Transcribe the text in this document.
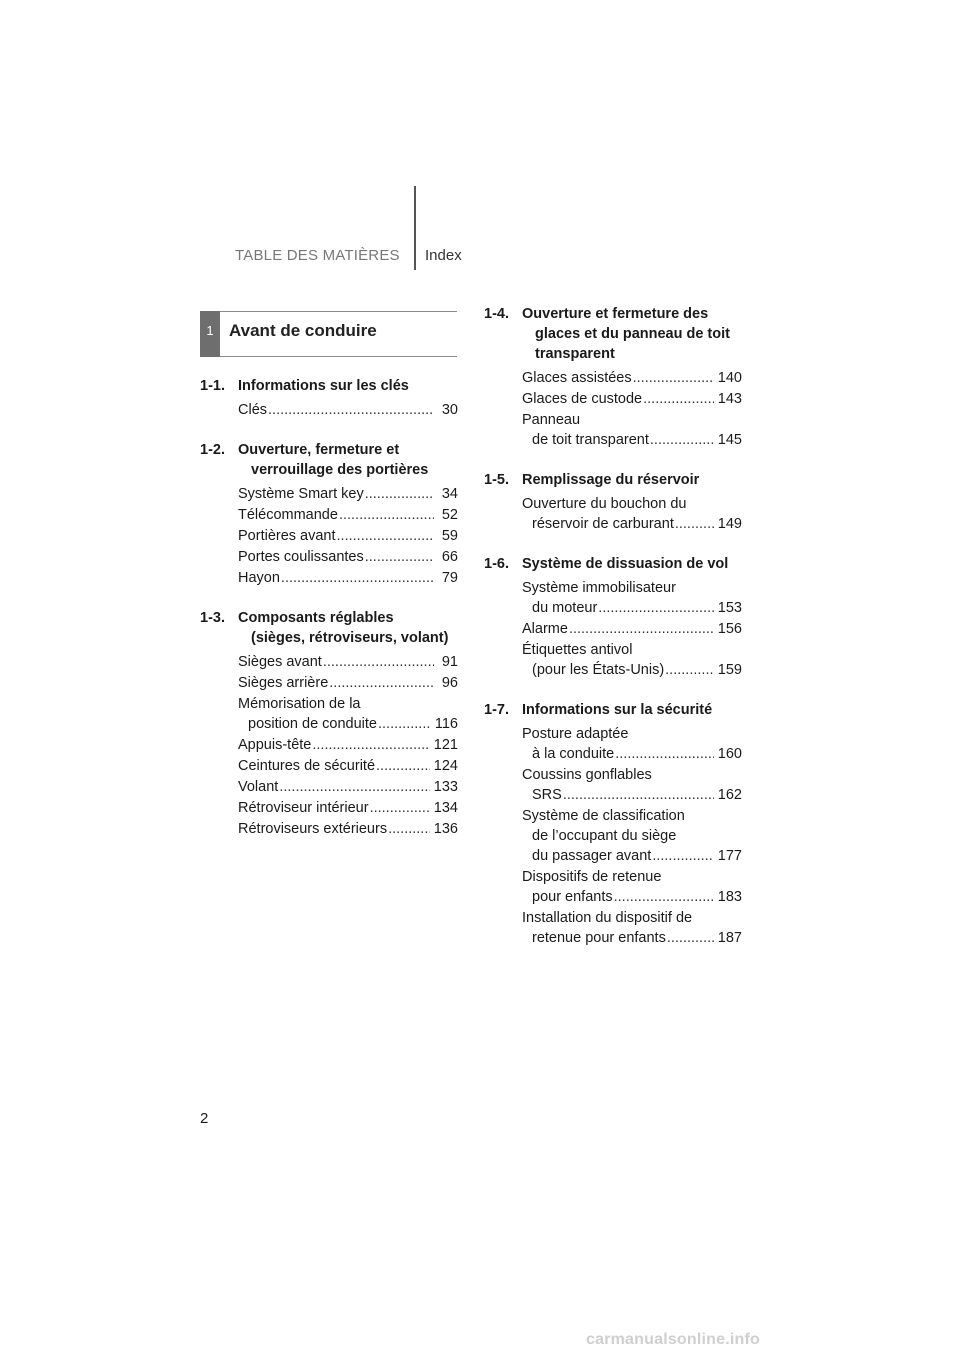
TABLE DES MATIÈRES Index
1 Avant de conduire
1-1. Informations sur les clés
Clés .....	30
1-2. Ouverture, fermeture et
verrouillage des portières
Système Smart key .....	34
Télécommande .....	52
Portières avant .....	59
Portes coulissantes .....	66
Hayon .....	79
1-3. Composants réglables
(sièges, rétroviseurs, volant)
Sièges avant .....	91
Sièges arrière .....	96
Mémorisation de la
position de conduite .....	116
Appuis-tête .....	121
Ceintures de sécurité .....	124
Volant .....	133
Rétroviseur intérieur .....	134
Rétroviseurs extérieurs .....	136
1-4. Ouverture et fermeture des
glaces et du panneau de toit
transparent
Glaces assistées .....	140
Glaces de custode .....	143
Panneau
de toit transparent .....	145
1-5. Remplissage du réservoir
Ouverture du bouchon du
réservoir de carburant .....	149
1-6. Système de dissuasion de vol
Système immobilisateur
du moteur .....	153
Alarme .....	156
Étiquettes antivol
(pour les États-Unis) .....	159
1-7. Informations sur la sécurité
Posture adaptée
à la conduite .....	160
Coussins gonflables
SRS .....	162
Système de classification
de l’occupant du siège
du passager avant .....	177
Dispositifs de retenue
pour enfants .....	183
Installation du dispositif de
retenue pour enfants .....	187
2
carmanualsonline.info
